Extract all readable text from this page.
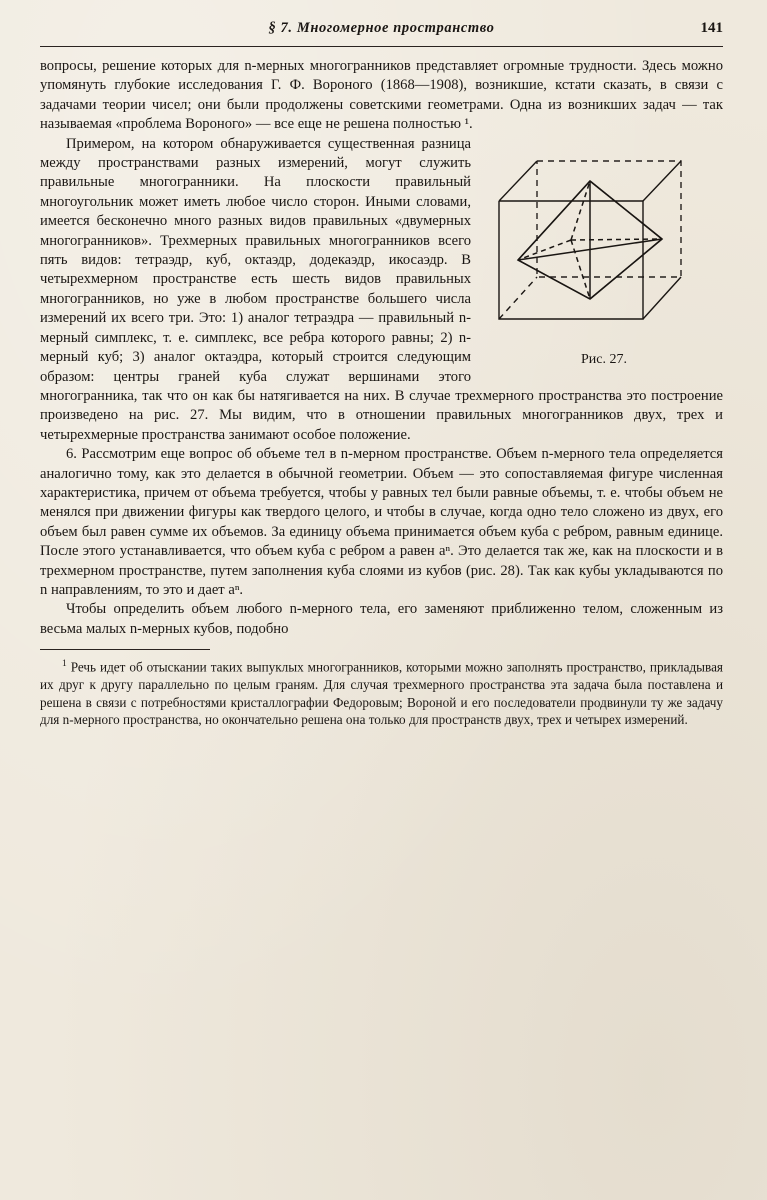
§ 7. Многомерное пространство	141

вопросы, решение которых для n-мерных многогранников представляет огромные трудности. Здесь можно упомянуть глубокие исследования Г. Ф. Вороного (1868—1908), возникшие, кстати сказать, в связи с задачами теории чисел; они были продолжены советскими геометрами. Одна из возникших задач — так называемая «проблема Вороного» — все еще не решена полностью ¹.

Рис. 27.

Примером, на котором обнаруживается существенная разница между пространствами разных измерений, могут служить правильные многогранники. На плоскости правильный многоугольник может иметь любое число сторон. Иными словами, имеется бесконечно много разных видов правильных «двумерных многогранников». Трехмерных правильных многогранников всего пять видов: тетраэдр, куб, октаэдр, додекаэдр, икосаэдр. В четырехмерном пространстве есть шесть видов правильных многогранников, но уже в любом пространстве большего числа измерений их всего три. Это: 1) аналог тетраэдра — правильный n-мерный симплекс, т. е. симплекс, все ребра которого равны; 2) n-мерный куб; 3) аналог октаэдра, который строится следующим образом: центры граней куба служат вершинами этого многогранника, так что он как бы натягивается на них. В случае трехмерного пространства это построение произведено на рис. 27. Мы видим, что в отношении правильных многогранников двух, трех и четырехмерные пространства занимают особое положение.

6. Рассмотрим еще вопрос об объеме тел в n-мерном пространстве. Объем n-мерного тела определяется аналогично тому, как это делается в обычной геометрии. Объем — это сопоставляемая фигуре численная характеристика, причем от объема требуется, чтобы у равных тел были равные объемы, т. е. чтобы объем не менялся при движении фигуры как твердого целого, и чтобы в случае, когда одно тело сложено из двух, его объем был равен сумме их объемов. За единицу объема принимается объем куба с ребром, равным единице. После этого устанавливается, что объем куба с ребром a равен aⁿ. Это делается так же, как на плоскости и в трехмерном пространстве, путем заполнения куба слоями из кубов (рис. 28). Так как кубы укладываются по n направлениям, то это и дает aⁿ.

Чтобы определить объем любого n-мерного тела, его заменяют приближенно телом, сложенным из весьма малых n-мерных кубов, подобно

$^1$ Речь идет об отыскании таких выпуклых многогранников, которыми можно заполнять пространство, прикладывая их друг к другу параллельно по целым граням. Для случая трехмерного пространства эта задача была поставлена и решена в связи с потребностями кристаллографии Федоровым; Вороной и его последователи продвинули ту же задачу для n-мерного пространства, но окончательно решена она только для пространств двух, трех и четырех измерений.
